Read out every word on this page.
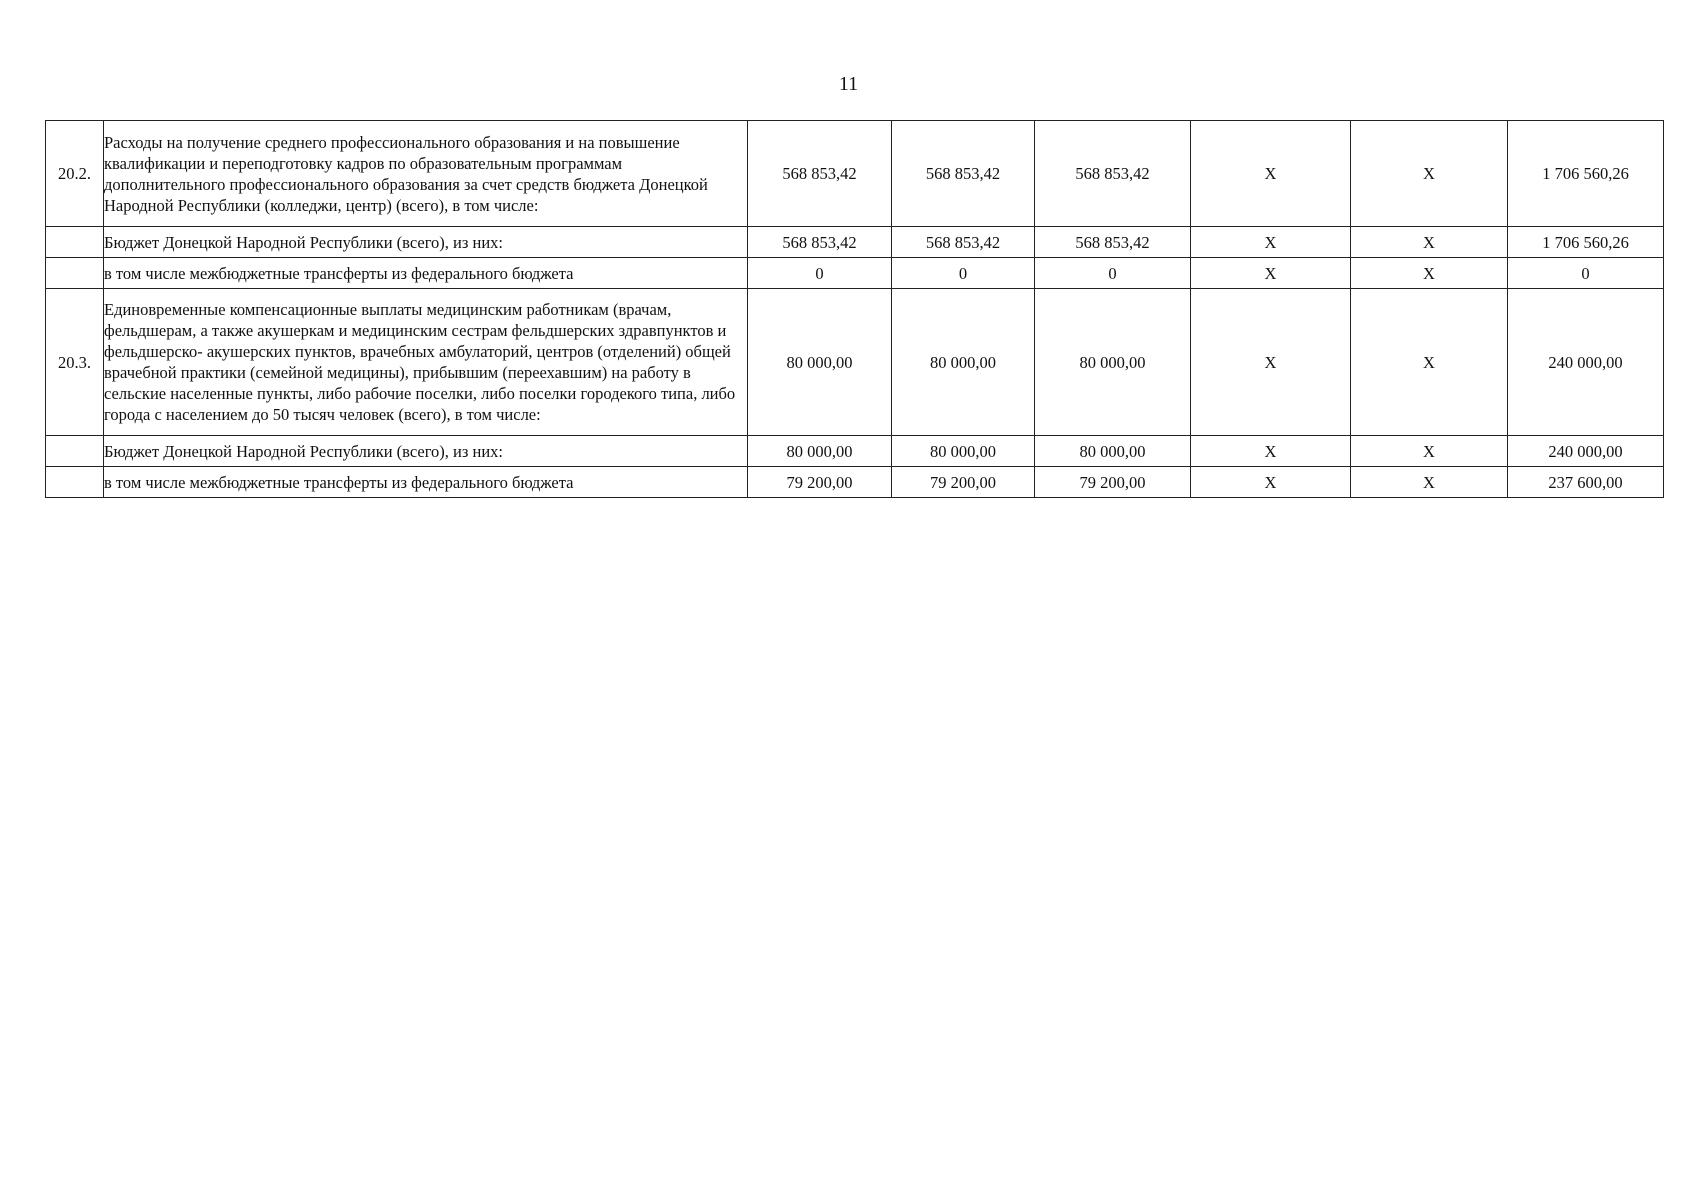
11
20.2.	Расходы на получение среднего профессионального образования и на повышение квалификации и переподготовку кадров по образовательным программам дополнительного профессионального образования за счет средств бюджета Донецкой Народной Республики (колледжи, центр) (всего), в том числе:	568 853,42	568 853,42	568 853,42	Х	Х	1 706 560,26
	Бюджет Донецкой Народной Республики (всего), из них:	568 853,42	568 853,42	568 853,42	Х	Х	1 706 560,26
	в том числе межбюджетные трансферты из федерального бюджета	0	0	0	Х	Х	0
20.3.	Единовременные компенсационные выплаты медицинским работникам (врачам, фельдшерам, а также акушеркам и медицинским сестрам фельдшерских здравпунктов и фельдшерско- акушерских пунктов, врачебных амбулаторий, центров (отделений) общей врачебной практики (семейной медицины), прибывшим (переехавшим) на работу в сельские населенные пункты, либо рабочие поселки, либо поселки городекого типа, либо города с населением до 50 тысяч человек (всего), в том числе:	80 000,00	80 000,00	80 000,00	Х	Х	240 000,00
	Бюджет Донецкой Народной Республики (всего), из них:	80 000,00	80 000,00	80 000,00	Х	Х	240 000,00
	в том числе межбюджетные трансферты из федерального бюджета	79 200,00	79 200,00	79 200,00	Х	Х	237 600,00
